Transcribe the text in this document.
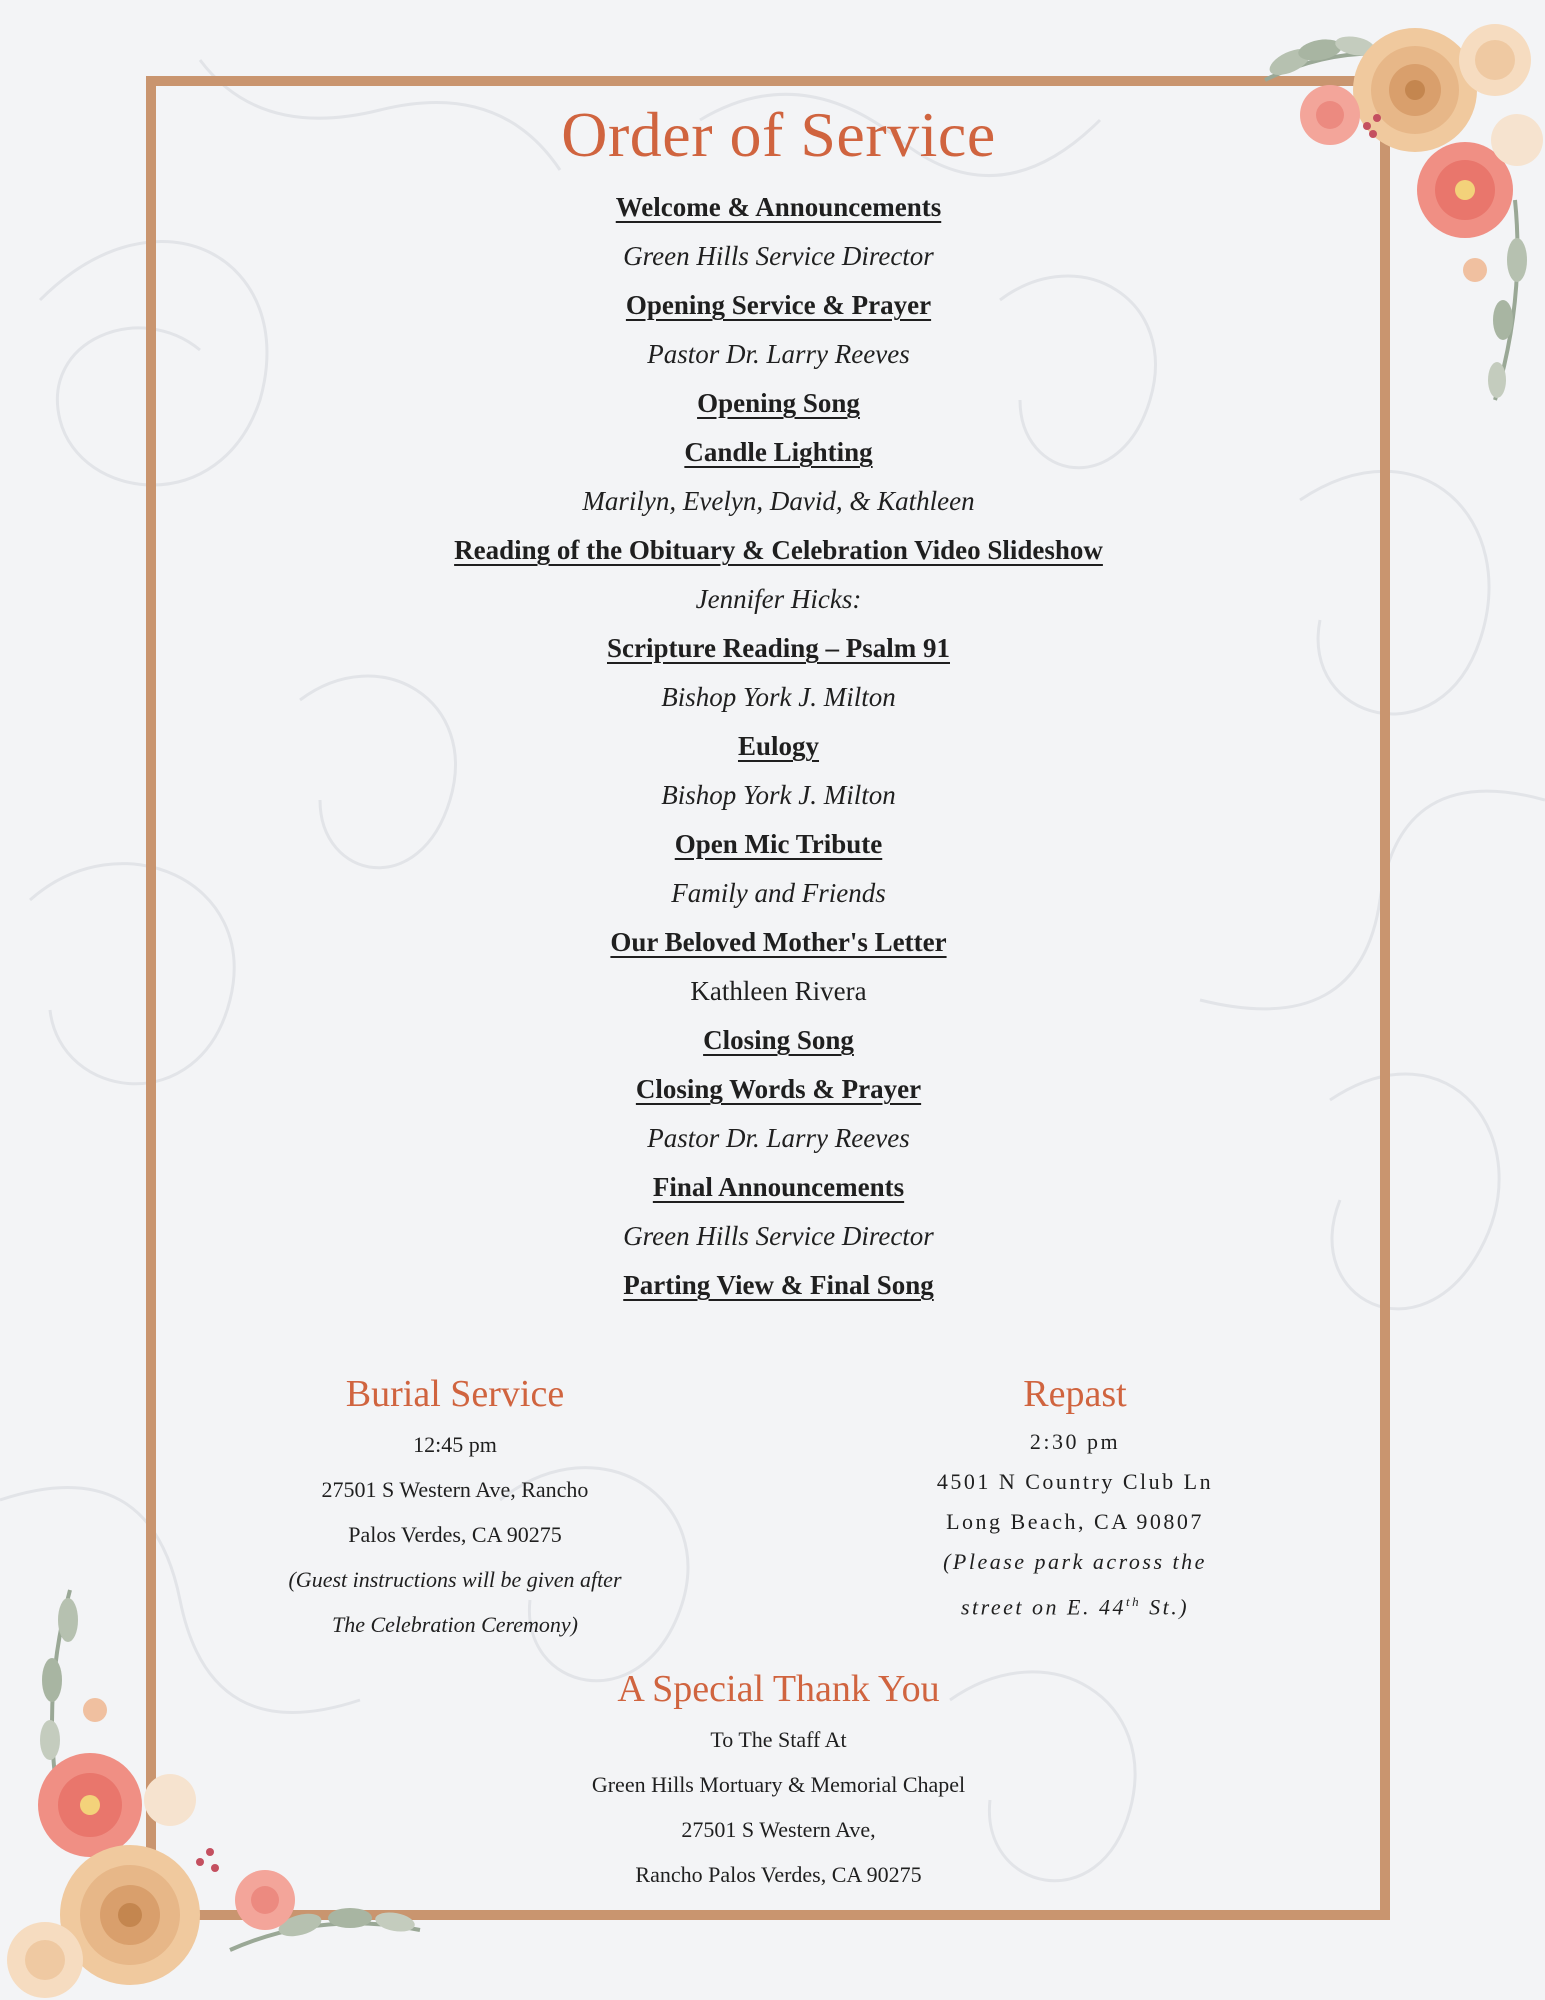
Order of Service
Welcome & Announcements
Green Hills Service Director
Opening Service & Prayer
Pastor Dr. Larry Reeves
Opening Song
Candle Lighting
Marilyn, Evelyn, David, & Kathleen
Reading of the Obituary & Celebration Video Slideshow
Jennifer Hicks:
Scripture Reading – Psalm 91
Bishop York J. Milton
Eulogy
Bishop York J. Milton
Open Mic Tribute
Family and Friends
Our Beloved Mother's Letter
Kathleen Rivera
Closing Song
Closing Words & Prayer
Pastor Dr. Larry Reeves
Final Announcements
Green Hills Service Director
Parting View & Final Song
Burial Service
12:45 pm
27501 S Western Ave, Rancho
Palos Verdes, CA 90275
(Guest instructions will be given after
The Celebration Ceremony)
Repast
2:30 pm
4501 N Country Club Ln
Long Beach, CA 90807
(Please park across the
street on E. 44th St.)
A Special Thank You
To The Staff At
Green Hills Mortuary & Memorial Chapel
27501 S Western Ave,
Rancho Palos Verdes, CA 90275
